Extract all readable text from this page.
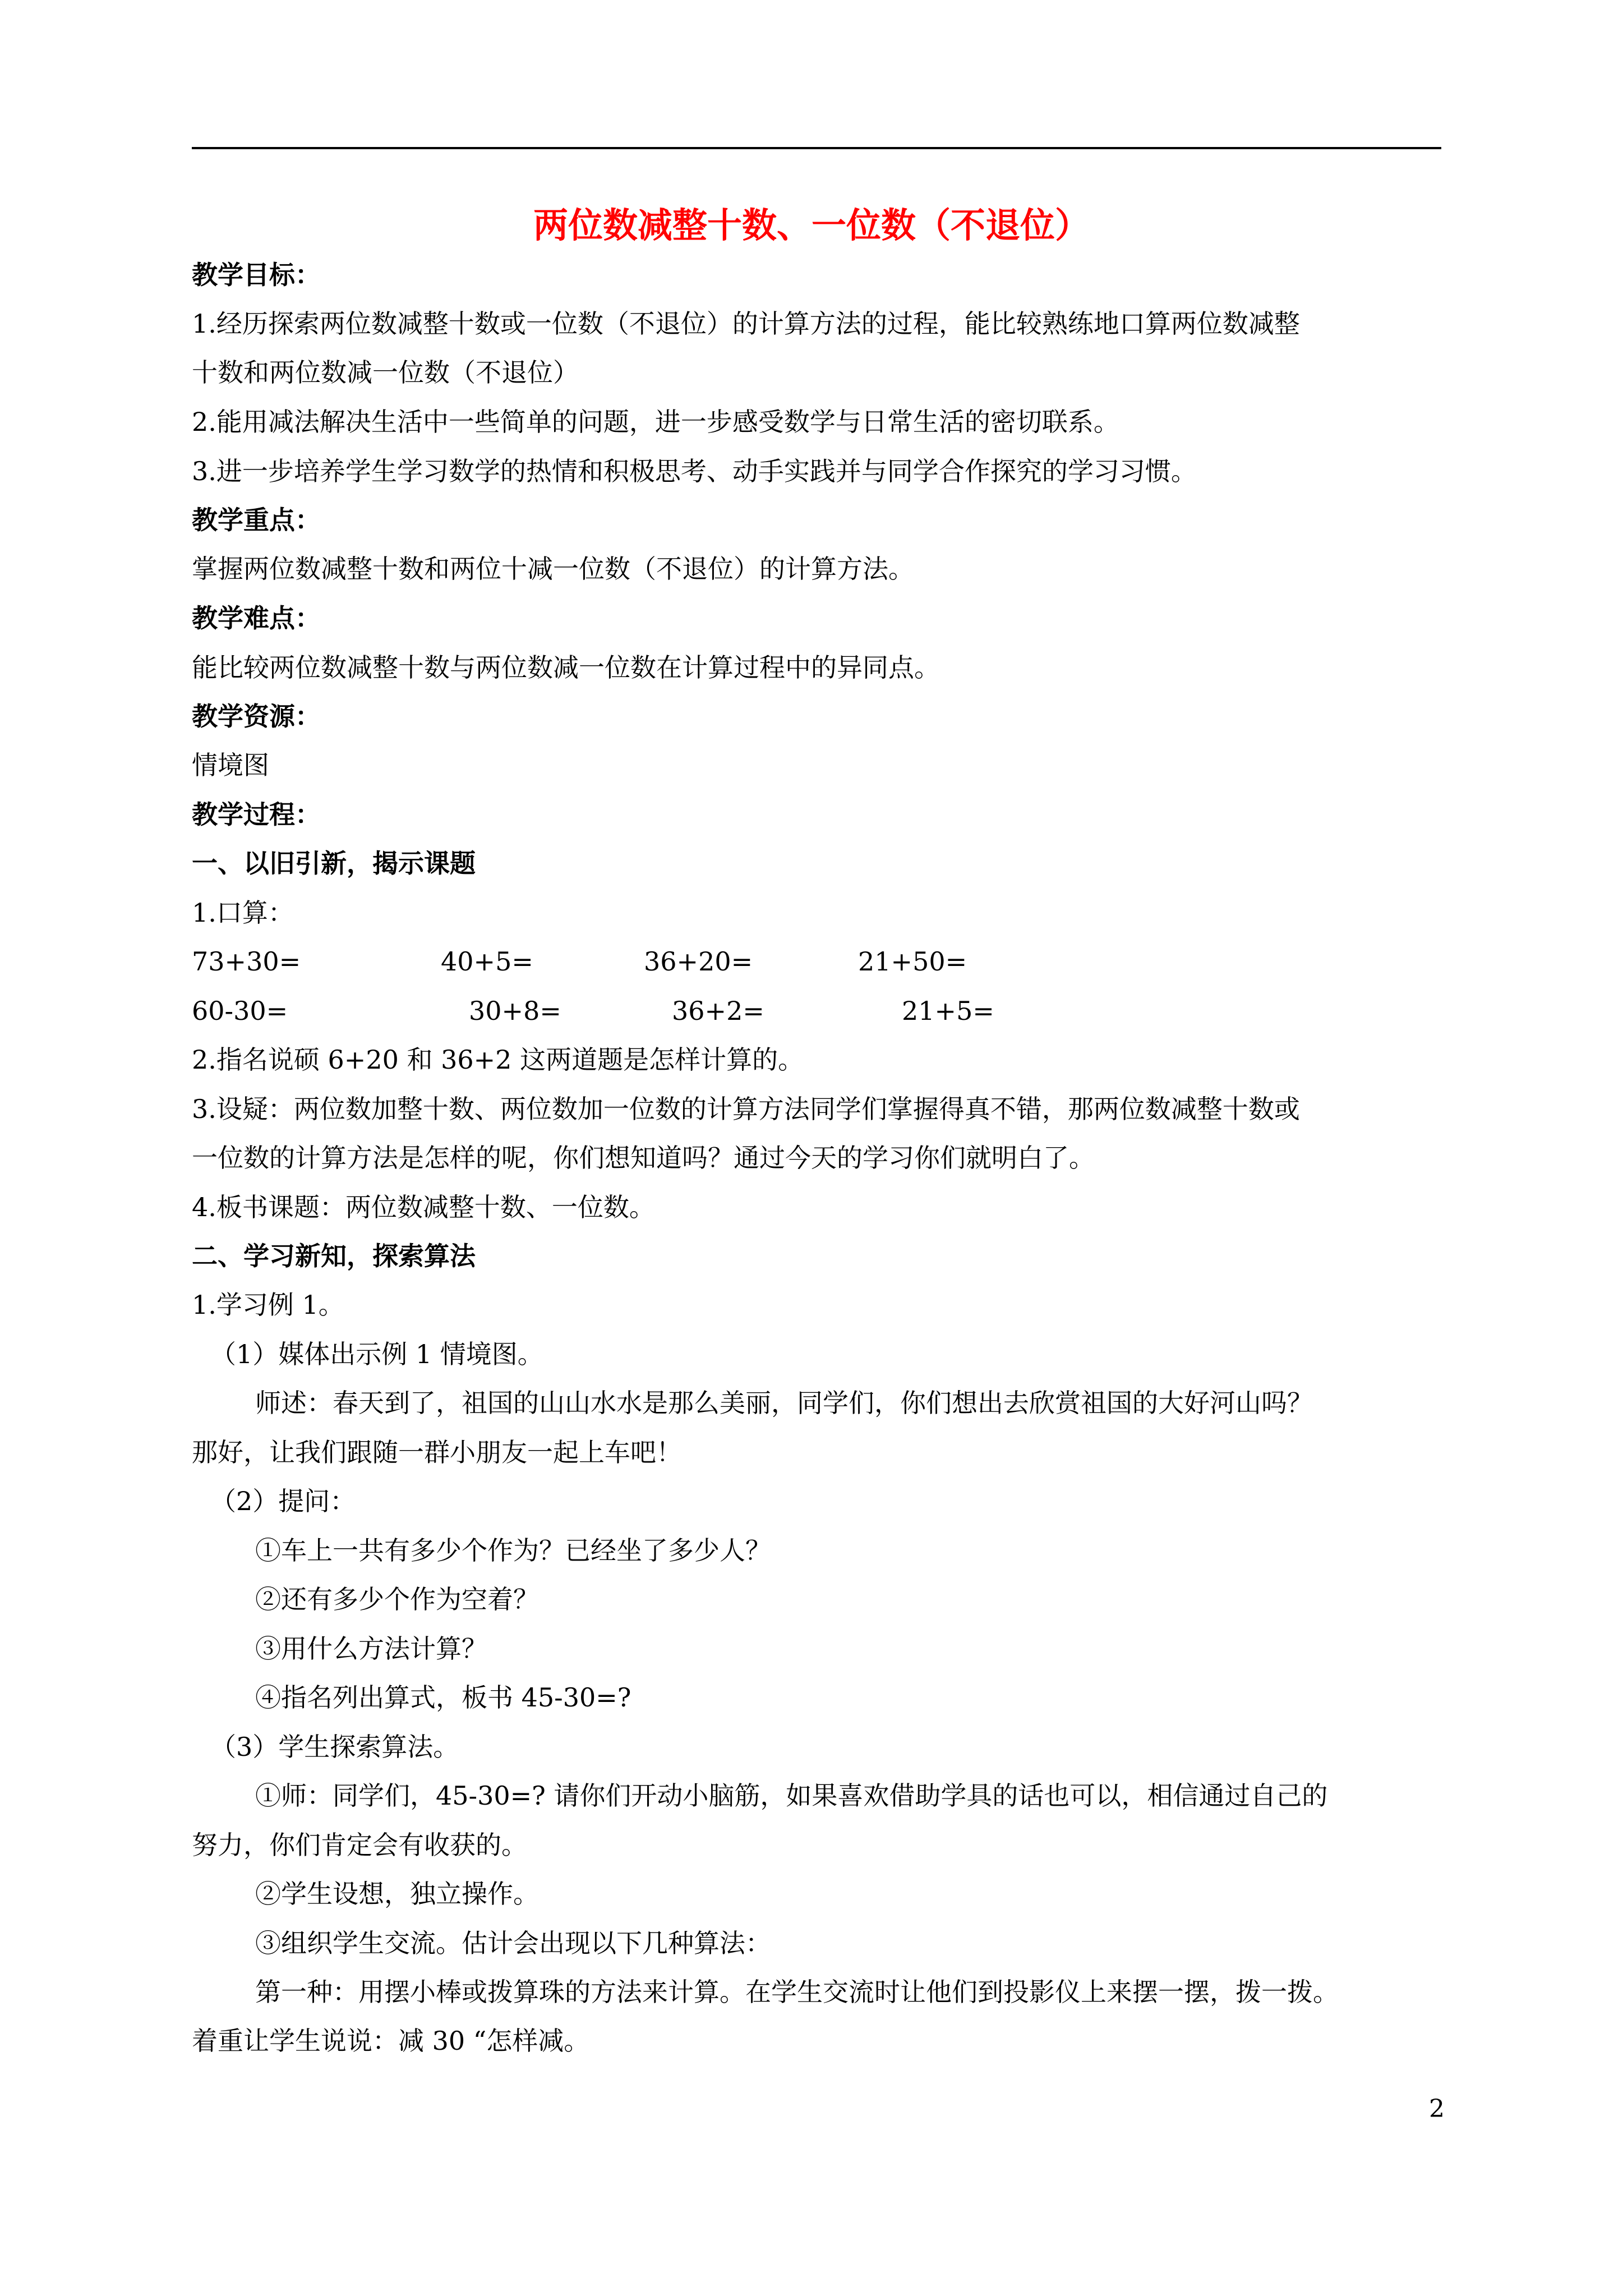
两位数减整十数、一位数（不退位）
教学目标：
1.经历探索两位数减整十数或一位数（不退位）的计算方法的过程，能比较熟练地口算两位数减整
十数和两位数减一位数（不退位）
2.能用减法解决生活中一些简单的问题，进一步感受数学与日常生活的密切联系。
3.进一步培养学生学习数学的热情和积极思考、动手实践并与同学合作探究的学习习惯。
教学重点：
掌握两位数减整十数和两位十减一位数（不退位）的计算方法。
教学难点：
能比较两位数减整十数与两位数减一位数在计算过程中的异同点。
教学资源：
情境图
教学过程：
一、以旧引新，揭示课题
1.口算：
73+30=	40+5=	36+20=	21+50=
60-30=	30+8=	36+2=	21+5=
2.指名说硕 6+20 和 36+2 这两道题是怎样计算的。
3.设疑：两位数加整十数、两位数加一位数的计算方法同学们掌握得真不错，那两位数减整十数或
一位数的计算方法是怎样的呢，你们想知道吗？通过今天的学习你们就明白了。
4.板书课题：两位数减整十数、一位数。
二、学习新知，探索算法
1.学习例 1。
（1）媒体出示例 1 情境图。
师述：春天到了，祖国的山山水水是那么美丽，同学们，你们想出去欣赏祖国的大好河山吗？
那好，让我们跟随一群小朋友一起上车吧！
（2）提问：
①车上一共有多少个作为？已经坐了多少人？
②还有多少个作为空着？
③用什么方法计算？
④指名列出算式，板书 45-30=?
（3）学生探索算法。
①师：同学们，45-30=? 请你们开动小脑筋，如果喜欢借助学具的话也可以，相信通过自己的
努力，你们肯定会有收获的。
②学生设想，独立操作。
③组织学生交流。估计会出现以下几种算法：
第一种：用摆小棒或拨算珠的方法来计算。在学生交流时让他们到投影仪上来摆一摆，拨一拨。
着重让学生说说：减 30 “怎样减。
2
